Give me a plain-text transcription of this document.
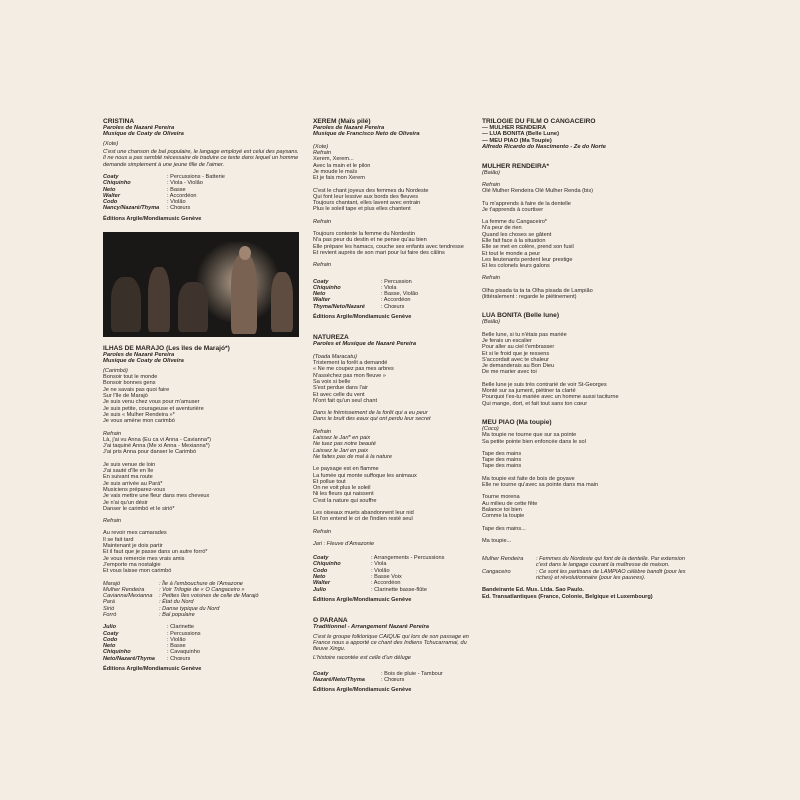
CRISTINA

Paroles de Nazaré Pereira

Musique de Coaty de Oliveira

(Xote)

C'est une chanson de bal populaire, le langage employé est celui des paysans. Il ne nous a pas semblé nécessaire de traduire ce texte dans lequel un homme demande simplement à une jeune fille de l'aimer.

Coaty	: Percussions - Batterie
Chiquinho	: Viola - Violão
Neto	: Basse
Walter	: Accordéon
Codo	: Violão
Nancy/Nazaré/Thyma	: Chœurs

Éditions Argile/Mondiamusic Genève

ILHAS DE MARAJO (Les îles de Marajó*)

Paroles de Nazaré Pereira

Musique de Coaty de Oliveira

(Carimbó)

Bonsoir tout le monde

Bonsoir bonnes gens

Je ne savais pas quoi faire

Sur l'île de Marajó

Je suis venu chez vous pour m'amuser

Je suis petite, courageuse et aventurière

Je suis « Mulher Rendeira »*

Je vous amène mon carimbó

Refrain

Là, j'ai vu Anna (Eu ca vi Anna - Cavianna*)

J'ai taquiné Anna (Me xi Anna - Mexianna*)

J'ai pris Anna pour danser le Carimbó

Je suis venue de loin

J'ai sauté d'île en île

En suivant ma route

Je suis arrivée au Pará*

Musiciens préparez-vous

Je vais mettre une fleur dans mes cheveux

Je n'ai qu'un désir

Danser le carimbó et le sirió*

Refrain

Au revoir mes camarades

Il se fait tard

Maintenant je dois partir

Et il faut que je passe dans un autre forró*

Je vous remercie mes vrais amis

J'emporte ma nostalgie

Et vous laisse mon carimbó

Marajó	: Île à l'embouchure de l'Amazone
Mulher Rendeira	: Voir Trilogie de « O Cangaceiro »
Cavianna/Mexianna	: Petites îles voisines de celle de Marajó
Pará	: État du Nord
Sirió	: Danse typique du Nord
Forró	: Bal populaire
Julio	: Clarinette
Coaty	: Percussions
Codo	: Violão
Neto	: Basse
Chiquinho	: Cavaquinho
Neto/Nazaré/Thyma	: Chœurs

Éditions Argile/Mondiamusic Genève

XEREM (Maïs pilé)

Paroles de Nazaré Pereira

Musique de Francisco Neto de Oliveira

(Xote)

Refrain

Xerem, Xerem...

Avec la main et le pilon

Je moude le maïs

Et je fais mon Xerem

C'est le chant joyeux des femmes du Nordeste

Qui font leur lessive aux bords des fleuves

Toujours chantant, elles lavent avec entrain

Plus le soleil tape et plus elles chantent

Refrain

Toujours contente la femme du Nordestin

N'a pas peur du destin et ne pense qu'au bien

Elle prépare les hamacs, couche ses enfants avec tendresse

Et revient auprès de son mari pour lui faire des câlins

Refrain

Coaty	: Percussion
Chiquinho	: Viola
Neto	: Basse, Violão
Walter	: Accordéon
Thyma/Neto/Nazaré	: Chœurs

Éditions Argile/Mondiamusic Genève

NATUREZA

Paroles et Musique de Nazaré Pereira

(Toada Maracatu)

Tristement la forêt a demandé

« Ne me coupez pas mes arbres

N'asséchez pas mon fleuve »

Sa voix si belle

S'est perdue dans l'air

Et avec celle du vent

N'ont fait qu'un seul chant

Dans le frémissement de la forêt qui a eu peur

Dans le bruit des eaux qui ont perdu leur secret

Refrain

Laissez le Jari* en paix

Ne tuez pas notre beauté

Laissez le Jari en paix

Ne faites pas de mal à la nature

Le paysage est en flamme

La fumée qui monte suffoque les animaux

Et pollue tout

On ne voit plus le soleil

Ni les fleurs qui naissent

C'est la nature qui souffre

Les oiseaux muets abandonnent leur nid

Et l'on entend le cri de l'indien resté seul

Refrain

Jari : Fleuve d'Amazonie

Coaty	: Arrangements - Percussions
Chiquinho	: Viola
Codo	: Violão
Neto	: Basse Voix
Walter	: Accordéon
Julio	: Clarinette basse-flûte

Éditions Argile/Mondiamusic Genève

O PARANA

Traditionnel - Arrangement Nazaré Pereira

C'est le groupe folklorique CAIQUE qui lors de son passage en France nous a apporté ce chant des Indiens Tchucarramai, du fleuve Xingu.

L'histoire racontée est celle d'un déluge

Coaty	: Bois de pluie - Tambour
Nazaré/Neto/Thyma	: Chœurs

Éditions Argile/Mondiamusic Genève

TRILOGIE DU FILM O CANGACEIRO

— MULHER RENDEIRA

— LUA BONITA (Belle Lune)

— MEU PIAO (Ma Toupie)

Alfredo Ricardo do Nascimento - Ze do Norte

MULHER RENDEIRA*

(Baião)

Refrain

Olé Mulher Rendeira Olé Mulher Renda (bis)

Tu m'apprends à faire de la dentelle

Je t'apprends à courtiser

La femme du Cangaceiro*

N'a peur de rien

Quand les choses se gâtent

Elle fait face à la situation

Elle se met en colère, prend son fusil

Et tout le monde a peur

Les lieutenants perdent leur prestige

Et les colonels leurs galons

Refrain

Olha pisada ta ta ta Olha pisada de Lampião

(littéralement : regarde le piétinement)

LUA BONITA (Belle lune)

(Baião)

Belle lune, si tu n'étais pas mariée

Je ferais un escalier

Pour aller au ciel t'embrasser

Et si le froid que je ressens

S'accordait avec te chaleur

Je demanderais au Bon Dieu

De me marier avec toi

Belle lune je suis très contrarié de voir St-Georges

Monté sur sa jument, piétiner ta clarté

Pourquoi t'es-tu mariée avec un homme aussi taciturne

Qui mange, dort, et fait tout sans ton cœur

MEU PIAO (Ma toupie)

(Coco)

Ma toupie ne tourne que sur sa pointe

Sa petite pointe bien enfoncée dans le sol

Tape des mains

Tape des mains

Tape des mains

Ma toupie est faite de bois de goyave

Elle ne tourne qu'avec sa pointe dans ma main

Tourne morena

Au milieu de cette fête

Balance toi bien

Comme la toupie

Tape des mains...

Ma toupie...

Mulher Rendeira	: Femmes du Nordeste qui font de la dentelle. Par extension c'est dans le langage courant la maîtresse de maison.
Cangaceiro	: Ce sont les partisans de LAMPIAO célèbre bandit (pour les riches) et révolutionnaire (pour les pauvres).

Bandeirante Ed. Mus. Ltda. Sao Paulo.

Ed. Transatlantiques (France, Colonie, Belgique et Luxembourg)
